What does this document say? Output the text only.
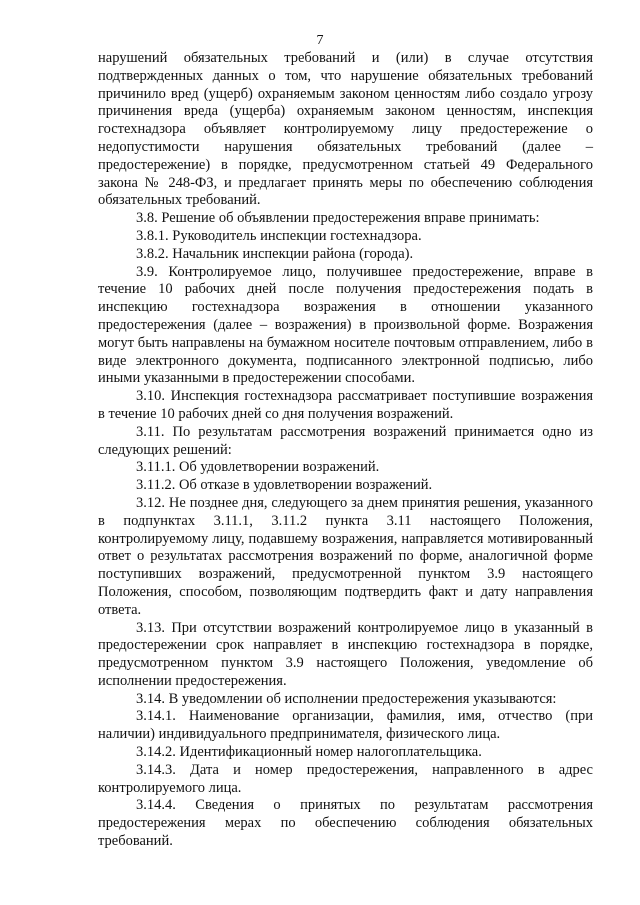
7

нарушений обязательных требований и (или) в случае отсутствия подтвержденных данных о том, что нарушение обязательных требований причинило вред (ущерб) охраняемым законом ценностям либо создало угрозу причинения вреда (ущерба) охраняемым законом ценностям, инспекция гостехнадзора объявляет контролируемому лицу предостережение о недопустимости нарушения обязательных требований (далее – предостережение) в порядке, предусмотренном статьей 49 Федерального закона № 248-ФЗ, и предлагает принять меры по обеспечению соблюдения обязательных требований.

3.8. Решение об объявлении предостережения вправе принимать:

3.8.1. Руководитель инспекции гостехнадзора.

3.8.2. Начальник инспекции района (города).

3.9. Контролируемое лицо, получившее предостережение, вправе в течение 10 рабочих дней после получения предостережения подать в инспекцию гостехнадзора возражения в отношении указанного предостережения (далее – возражения) в произвольной форме. Возражения могут быть направлены на бумажном носителе почтовым отправлением, либо в виде электронного документа, подписанного электронной подписью, либо иными указанными в предостережении способами.

3.10. Инспекция гостехнадзора рассматривает поступившие возражения в течение 10 рабочих дней со дня получения возражений.

3.11. По результатам рассмотрения возражений принимается одно из следующих решений:

3.11.1. Об удовлетворении возражений.

3.11.2. Об отказе в удовлетворении возражений.

3.12. Не позднее дня, следующего за днем принятия решения, указанного в подпунктах 3.11.1, 3.11.2 пункта 3.11 настоящего Положения, контролируемому лицу, подавшему возражения, направляется мотивированный ответ о результатах рассмотрения возражений по форме, аналогичной форме поступивших возражений, предусмотренной пунктом 3.9 настоящего Положения, способом, позволяющим подтвердить факт и дату направления ответа.

3.13. При отсутствии возражений контролируемое лицо в указанный в предостережении срок направляет в инспекцию гостехнадзора в порядке, предусмотренном пунктом 3.9 настоящего Положения, уведомление об исполнении предостережения.

3.14. В уведомлении об исполнении предостережения указываются:

3.14.1. Наименование организации, фамилия, имя, отчество (при наличии) индивидуального предпринимателя, физического лица.

3.14.2. Идентификационный номер налогоплательщика.

3.14.3. Дата и номер предостережения, направленного в адрес контролируемого лица.

3.14.4. Сведения о принятых по результатам рассмотрения предостережения мерах по обеспечению соблюдения обязательных требований.
